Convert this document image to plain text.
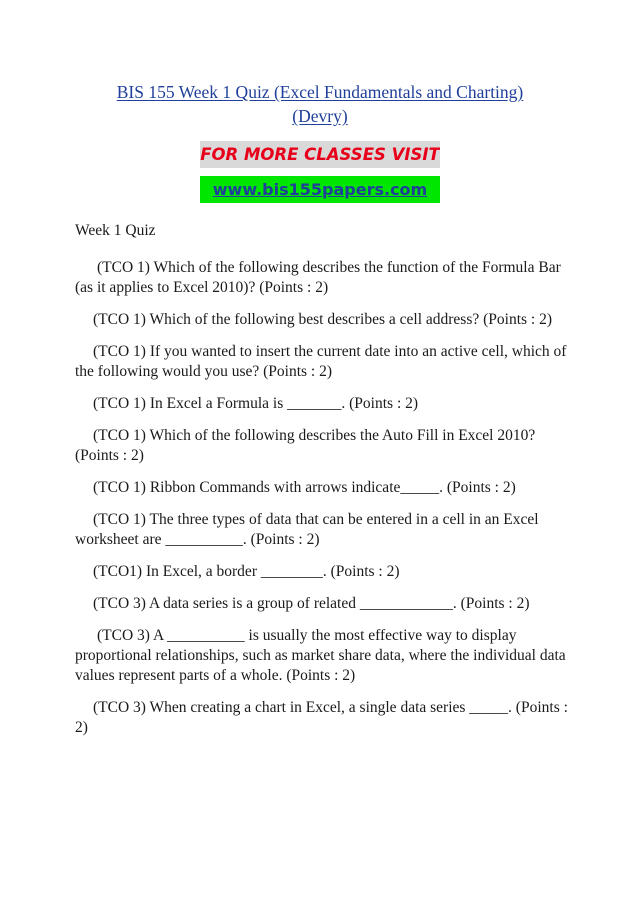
BIS 155 Week 1 Quiz (Excel Fundamentals and Charting)
(Devry)
FOR MORE CLASSES VISIT
www.bis155papers.com

Week 1 Quiz

(TCO 1) Which of the following describes the function of the Formula Bar (as it applies to Excel 2010)? (Points : 2)

(TCO 1) Which of the following best describes a cell address? (Points : 2)

(TCO 1) If you wanted to insert the current date into an active cell, which of the following would you use? (Points : 2)

(TCO 1) In Excel a Formula is _______. (Points : 2)

(TCO 1) Which of the following describes the Auto Fill in Excel 2010? (Points : 2)

(TCO 1) Ribbon Commands with arrows indicate_____. (Points : 2)

(TCO 1) The three types of data that can be entered in a cell in an Excel worksheet are __________. (Points : 2)

(TCO1) In Excel, a border ________. (Points : 2)

(TCO 3) A data series is a group of related ____________. (Points : 2)

(TCO 3) A __________ is usually the most effective way to display proportional relationships, such as market share data, where the individual data values represent parts of a whole. (Points : 2)

(TCO 3) When creating a chart in Excel, a single data series _____. (Points : 2)
